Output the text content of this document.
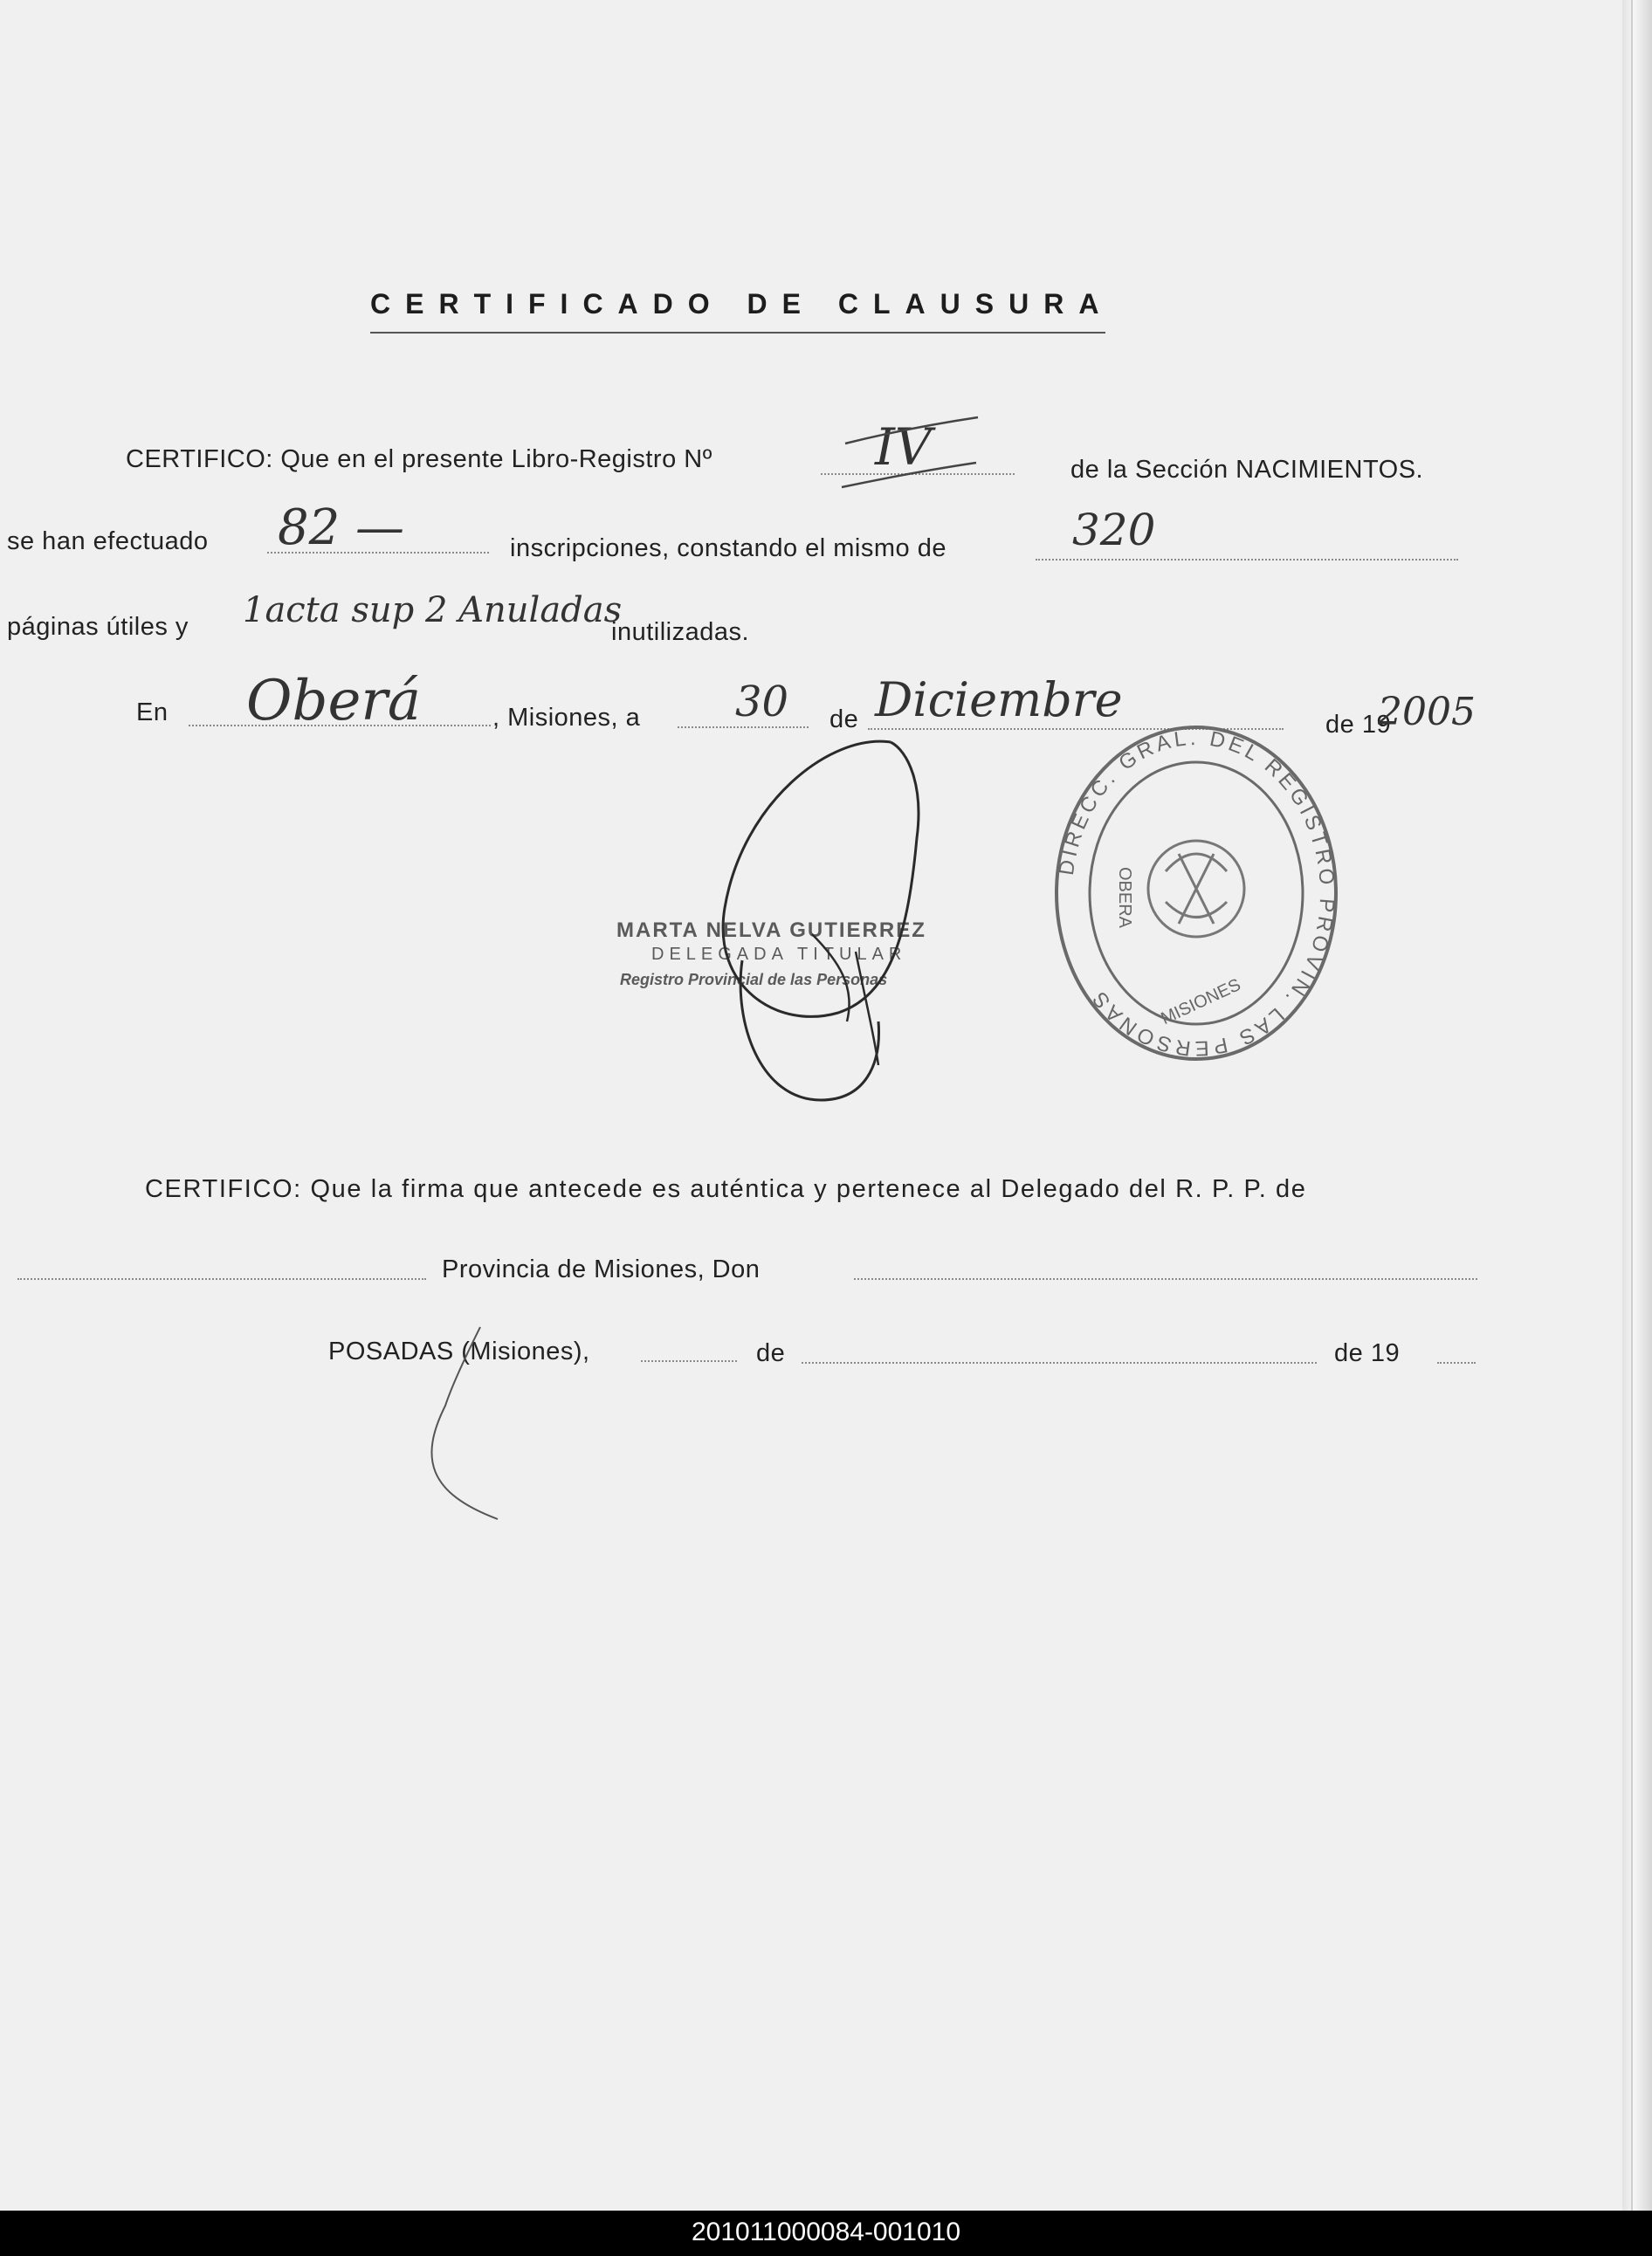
CERTIFICADO DE CLAUSURA
CERTIFICO: Que en el presente Libro-Registro Nº	IV	de la Sección NACIMIENTOS.
se han efectuado 82 —	inscripciones, constando el mismo de	320
páginas útiles y 1acta sup 2 Anuladas
inutilizadas.
En Oberá	, Misiones, a 30 de Diciembre	de 19
2005
MARTA NELVA GUTIERREZ
DELEGADA TITULAR
Registro Provincial de las Personas
DIRECC. GRAL. DEL REGISTRO PROVIN. LAS PERSONAS
OBERA
MISIONES
CERTIFICO: Que la firma que antecede es auténtica y pertenece al Delegado del R. P. P. de
Provincia de Misiones, Don
POSADAS (Misiones),	de	de 19
201011000084-001010
